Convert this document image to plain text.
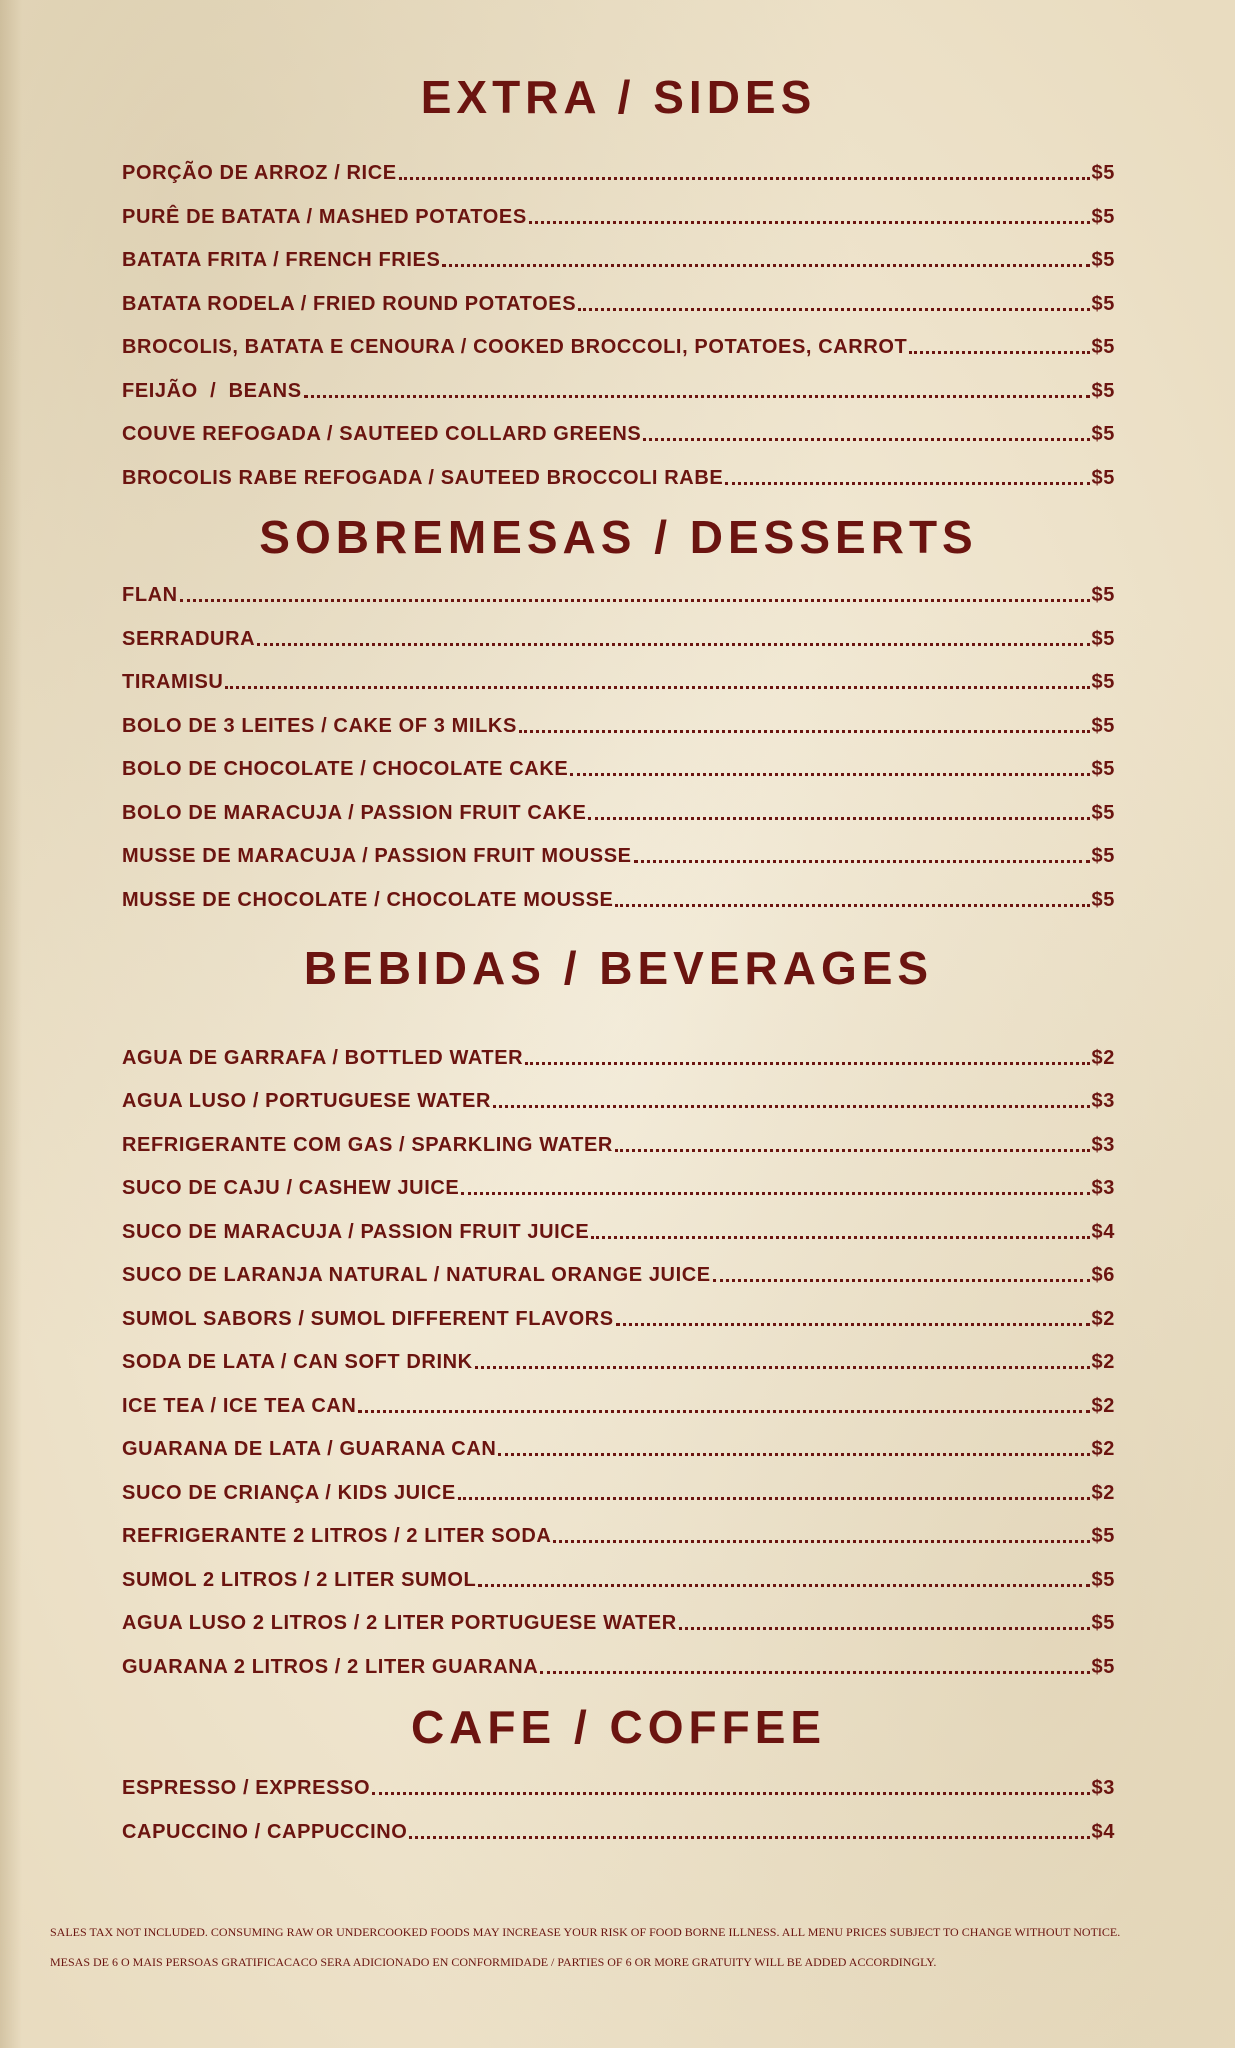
EXTRA / SIDES
PORÇÃO DE ARROZ / RICE	$5
PURÊ DE BATATA / MASHED POTATOES	$5
BATATA FRITA / FRENCH FRIES	$5
BATATA RODELA / FRIED ROUND POTATOES	$5
BROCOLIS, BATATA E CENOURA / COOKED BROCCOLI, POTATOES, CARROT	$5
FEIJÃO  /  BEANS	$5
COUVE REFOGADA / SAUTEED COLLARD GREENS	$5
BROCOLIS RABE REFOGADA / SAUTEED BROCCOLI RABE	$5
SOBREMESAS / DESSERTS
FLAN	$5
SERRADURA	$5
TIRAMISU	$5
BOLO DE 3 LEITES / CAKE OF 3 MILKS	$5
BOLO DE CHOCOLATE / CHOCOLATE CAKE	$5
BOLO DE MARACUJA / PASSION FRUIT CAKE	$5
MUSSE DE MARACUJA / PASSION FRUIT MOUSSE	$5
MUSSE DE CHOCOLATE / CHOCOLATE MOUSSE	$5
BEBIDAS / BEVERAGES
AGUA DE GARRAFA / BOTTLED WATER	$2
AGUA LUSO / PORTUGUESE WATER	$3
REFRIGERANTE COM GAS / SPARKLING WATER	$3
SUCO DE CAJU / CASHEW JUICE	$3
SUCO DE MARACUJA / PASSION FRUIT JUICE	$4
SUCO DE LARANJA NATURAL / NATURAL ORANGE JUICE	$6
SUMOL SABORS / SUMOL DIFFERENT FLAVORS	$2
SODA DE LATA / CAN SOFT DRINK	$2
ICE TEA / ICE TEA CAN	$2
GUARANA DE LATA / GUARANA CAN	$2
SUCO DE CRIANÇA / KIDS JUICE	$2
REFRIGERANTE 2 LITROS / 2 LITER SODA	$5
SUMOL 2 LITROS / 2 LITER SUMOL	$5
AGUA LUSO 2 LITROS / 2 LITER PORTUGUESE WATER	$5
GUARANA 2 LITROS / 2 LITER GUARANA	$5
CAFE / COFFEE
ESPRESSO / EXPRESSO	$3
CAPUCCINO / CAPPUCCINO	$4
SALES TAX NOT INCLUDED. CONSUMING RAW OR UNDERCOOKED FOODS MAY INCREASE YOUR RISK OF FOOD BORNE ILLNESS. ALL MENU PRICES SUBJECT TO CHANGE WITHOUT NOTICE.
MESAS DE 6 O MAIS PERSOAS GRATIFICACACO SERA ADICIONADO EN CONFORMIDADE / PARTIES OF 6 OR MORE GRATUITY WILL BE ADDED ACCORDINGLY.
